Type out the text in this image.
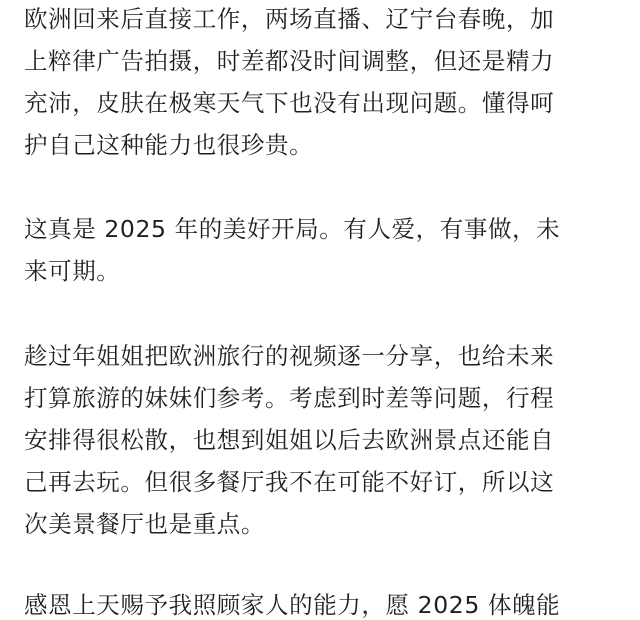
欧洲回来后直接工作，两场直播、辽宁台春晚，加
上粹律广告拍摄，时差都没时间调整，但还是精力
充沛，皮肤在极寒天气下也没有出现问题。懂得呵
护自己这种能力也很珍贵。
这真是 2025 年的美好开局。有人爱，有事做，未
来可期。
趁过年姐姐把欧洲旅行的视频逐一分享，也给未来
打算旅游的妹妹们参考。考虑到时差等问题，行程
安排得很松散，也想到姐姐以后去欧洲景点还能自
己再去玩。但很多餐厅我不在可能不好订，所以这
次美景餐厅也是重点。
感恩上天赐予我照顾家人的能力，愿 2025 体魄能
